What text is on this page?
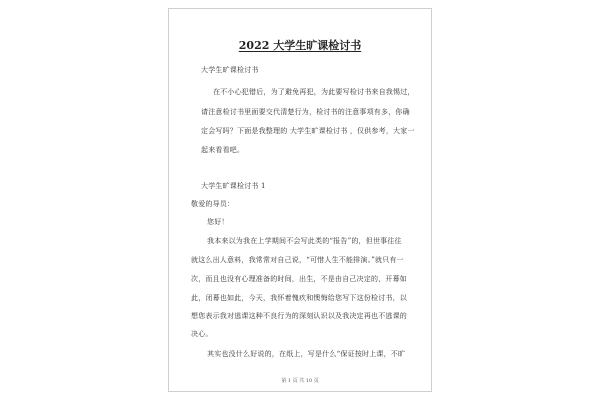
2022 大学生旷课检讨书
大学生旷课检讨书
在不小心犯错后，为了避免再犯，为此要写检讨书来自我惕过，
请注意检讨书里面要交代清楚行为，检讨书的注意事项有多，你确
定会写吗？下面是我整理的 大学生旷课检讨书 ，仅供参考，大家一
起来看看吧。
大学生旷课检讨书 1
敬爱的导员：
您好！
我本来以为我在上学期间不会写此类的“报告”的，但世事往往
就这么出人意料，我常常对自己说，“可惜人生不能排演。”就只有一
次，而且也没有心理准备的时间，出生，不是由自己决定的，开幕如
此，闭幕也如此，今天，我怀着愧疚和懊悔给您写下这份检讨书，以
想您表示我对逃课这种不良行为的深刻认识以及我决定再也不逃课的
决心。
其实也没什么好说的，在纸上，写是什么“保证按时上课，不旷
第 1 页 共 10 页
